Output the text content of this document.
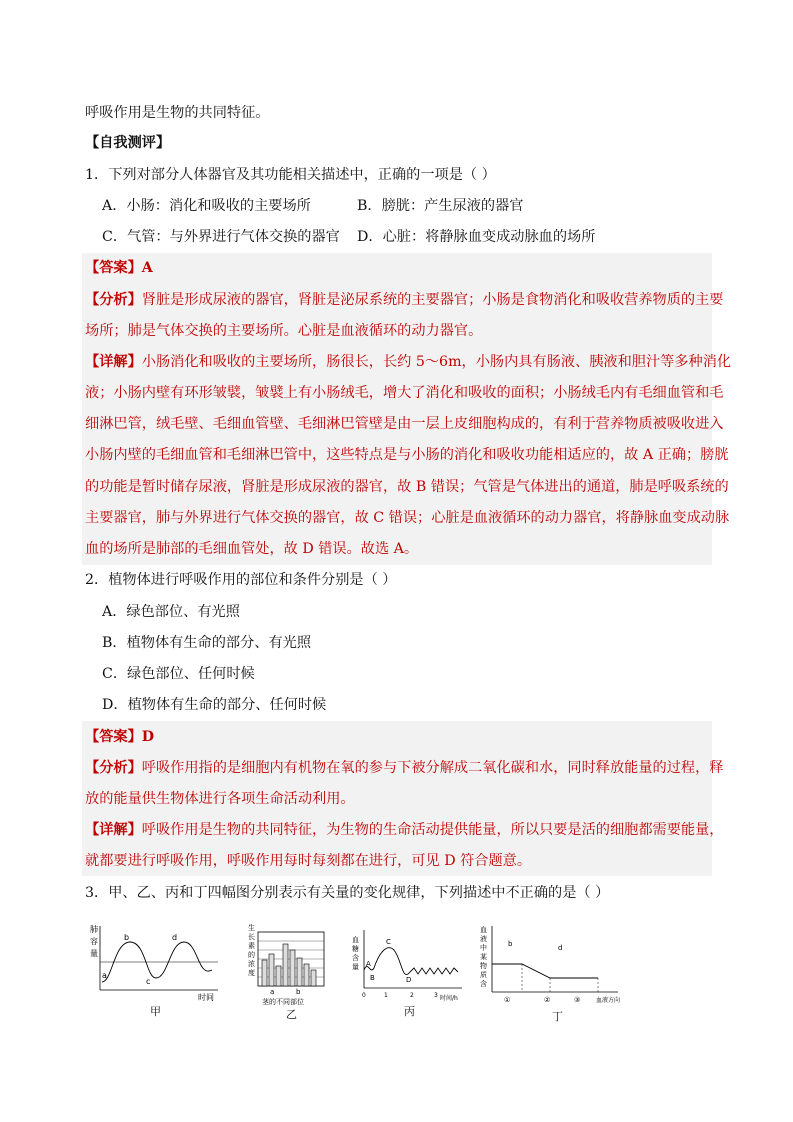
呼吸作用是生物的共同特征。
【自我测评】
1．下列对部分人体器官及其功能相关描述中，正确的一项是（ ）
A．小肠：消化和吸收的主要场所	B．膀胱：产生尿液的器官
C．气管：与外界进行气体交换的器官 D．心脏：将静脉血变成动脉血的场所
【答案】A
【分析】肾脏是形成尿液的器官，肾脏是泌尿系统的主要器官；小肠是食物消化和吸收营养物质的主要
场所；肺是气体交换的主要场所。心脏是血液循环的动力器官。
【详解】小肠消化和吸收的主要场所，肠很长，长约 5～6m，小肠内具有肠液、胰液和胆汁等多种消化
液；小肠内壁有环形皱襞，皱襞上有小肠绒毛，增大了消化和吸收的面积；小肠绒毛内有毛细血管和毛
细淋巴管，绒毛壁、毛细血管壁、毛细淋巴管壁是由一层上皮细胞构成的，有利于营养物质被吸收进入
小肠内壁的毛细血管和毛细淋巴管中，这些特点是与小肠的消化和吸收功能相适应的，故 A 正确；膀胱
的功能是暂时储存尿液，肾脏是形成尿液的器官，故 B 错误；气管是气体进出的通道，肺是呼吸系统的
主要器官，肺与外界进行气体交换的器官，故 C 错误；心脏是血液循环的动力器官，将静脉血变成动脉
血的场所是肺部的毛细血管处，故 D 错误。故选 A。
2．植物体进行呼吸作用的部位和条件分别是（ ）
A．绿色部位、有光照
B．植物体有生命的部分、有光照
C．绿色部位、任何时候
D．植物体有生命的部分、任何时候
【答案】D
【分析】呼吸作用指的是细胞内有机物在氧的参与下被分解成二氧化碳和水，同时释放能量的过程，释
放的能量供生物体进行各项生命活动利用。
【详解】呼吸作用是生物的共同特征，为生物的生命活动提供能量，所以只要是活的细胞都需要能量，
就都要进行呼吸作用，呼吸作用每时每刻都在进行，可见 D 符合题意。
3．甲、乙、丙和丁四幅图分别表示有关量的变化规律，下列描述中不正确的是（ ）
肺
容
量
a
b
c
d
时间
甲
生
长
素
的
浓
度
a	b
茎的不同部位
乙
血
糖
含
量 A
B
C
D
0	1	2	3 时间/h
丙
血
液
中
某
物
质
含
b	d
①	②	③	血液方向
丁
